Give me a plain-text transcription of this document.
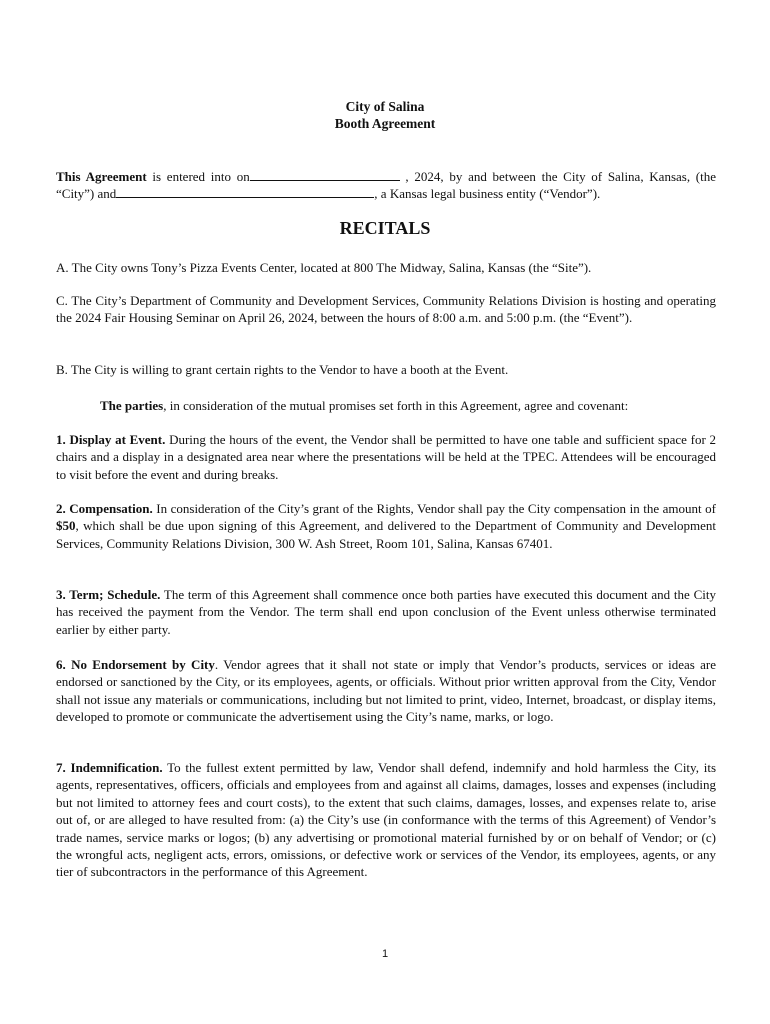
City of Salina
Booth Agreement

This Agreement is entered into on	, 2024, by and between the City of Salina, Kansas, (the “City”) and	, a Kansas legal business entity (“Vendor”).

RECITALS

A. The City owns Tony’s Pizza Events Center, located at 800 The Midway, Salina, Kansas (the “Site”).

C. The City’s Department of Community and Development Services, Community Relations Division is hosting and operating the 2024 Fair Housing Seminar on April 26, 2024, between the hours of 8:00 a.m. and 5:00 p.m. (the “Event”).

B. The City is willing to grant certain rights to the Vendor to have a booth at the Event.

The parties, in consideration of the mutual promises set forth in this Agreement, agree and covenant:

1. Display at Event. During the hours of the event, the Vendor shall be permitted to have one table and sufficient space for 2 chairs and a display in a designated area near where the presentations will be held at the TPEC. Attendees will be encouraged to visit before the event and during breaks.

2. Compensation. In consideration of the City’s grant of the Rights, Vendor shall pay the City compensation in the amount of $50, which shall be due upon signing of this Agreement, and delivered to the Department of Community and Development Services, Community Relations Division, 300 W. Ash Street, Room 101, Salina, Kansas 67401.

3. Term; Schedule. The term of this Agreement shall commence once both parties have executed this document and the City has received the payment from the Vendor. The term shall end upon conclusion of the Event unless otherwise terminated earlier by either party.

6. No Endorsement by City. Vendor agrees that it shall not state or imply that Vendor’s products, services or ideas are endorsed or sanctioned by the City, or its employees, agents, or officials. Without prior written approval from the City, Vendor shall not issue any materials or communications, including but not limited to print, video, Internet, broadcast, or display items, developed to promote or communicate the advertisement using the City’s name, marks, or logo.

7. Indemnification. To the fullest extent permitted by law, Vendor shall defend, indemnify and hold harmless the City, its agents, representatives, officers, officials and employees from and against all claims, damages, losses and expenses (including but not limited to attorney fees and court costs), to the extent that such claims, damages, losses, and expenses relate to, arise out of, or are alleged to have resulted from: (a) the City’s use (in conformance with the terms of this Agreement) of Vendor’s trade names, service marks or logos; (b) any advertising or promotional material furnished by or on behalf of Vendor; or (c) the wrongful acts, negligent acts, errors, omissions, or defective work or services of the Vendor, its employees, agents, or any tier of subcontractors in the performance of this Agreement.

1
